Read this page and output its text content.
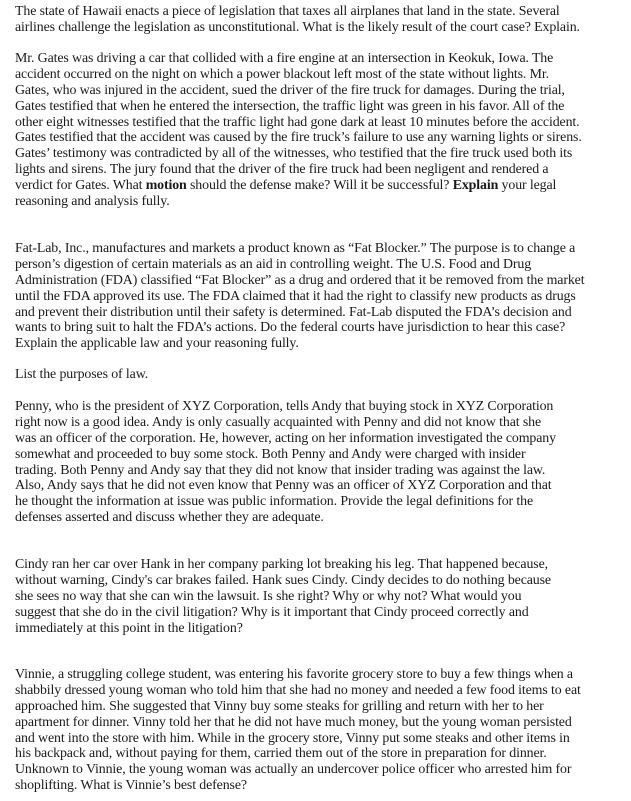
The state of Hawaii enacts a piece of legislation that taxes all airplanes that land in the state. Several
airlines challenge the legislation as unconstitutional. What is the likely result of the court case? Explain.
Mr. Gates was driving a car that collided with a fire engine at an intersection in Keokuk, Iowa. The
accident occurred on the night on which a power blackout left most of the state without lights. Mr.
Gates, who was injured in the accident, sued the driver of the fire truck for damages. During the trial,
Gates testified that when he entered the intersection, the traffic light was green in his favor. All of the
other eight witnesses testified that the traffic light had gone dark at least 10 minutes before the accident.
Gates testified that the accident was caused by the fire truck’s failure to use any warning lights or sirens.
Gates’ testimony was contradicted by all of the witnesses, who testified that the fire truck used both its
lights and sirens. The jury found that the driver of the fire truck had been negligent and rendered a
verdict for Gates. What motion should the defense make? Will it be successful? Explain your legal
reasoning and analysis fully.
Fat-Lab, Inc., manufactures and markets a product known as “Fat Blocker.” The purpose is to change a
person’s digestion of certain materials as an aid in controlling weight. The U.S. Food and Drug
Administration (FDA) classified “Fat Blocker” as a drug and ordered that it be removed from the market
until the FDA approved its use. The FDA claimed that it had the right to classify new products as drugs
and prevent their distribution until their safety is determined. Fat-Lab disputed the FDA’s decision and
wants to bring suit to halt the FDA’s actions. Do the federal courts have jurisdiction to hear this case?
Explain the applicable law and your reasoning fully.
List the purposes of law.
Penny, who is the president of XYZ Corporation, tells Andy that buying stock in XYZ Corporation
right now is a good idea. Andy is only casually acquainted with Penny and did not know that she
was an officer of the corporation. He, however, acting on her information investigated the company
somewhat and proceeded to buy some stock. Both Penny and Andy were charged with insider
trading. Both Penny and Andy say that they did not know that insider trading was against the law.
Also, Andy says that he did not even know that Penny was an officer of XYZ Corporation and that
he thought the information at issue was public information. Provide the legal definitions for the
defenses asserted and discuss whether they are adequate.
Cindy ran her car over Hank in her company parking lot breaking his leg. That happened because,
without warning, Cindy's car brakes failed. Hank sues Cindy. Cindy decides to do nothing because
she sees no way that she can win the lawsuit. Is she right? Why or why not? What would you
suggest that she do in the civil litigation? Why is it important that Cindy proceed correctly and
immediately at this point in the litigation?
Vinnie, a struggling college student, was entering his favorite grocery store to buy a few things when a
shabbily dressed young woman who told him that she had no money and needed a few food items to eat
approached him. She suggested that Vinny buy some steaks for grilling and return with her to her
apartment for dinner. Vinny told her that he did not have much money, but the young woman persisted
and went into the store with him. While in the grocery store, Vinny put some steaks and other items in
his backpack and, without paying for them, carried them out of the store in preparation for dinner.
Unknown to Vinnie, the young woman was actually an undercover police officer who arrested him for
shoplifting. What is Vinnie’s best defense?
